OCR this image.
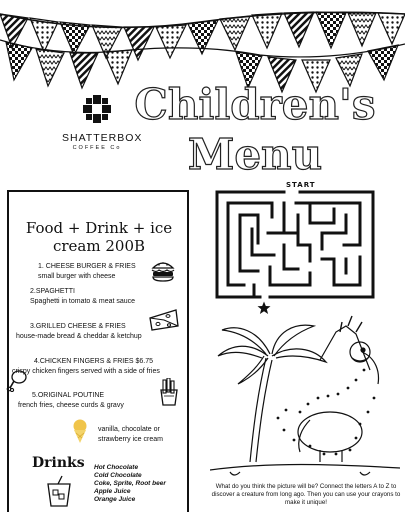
SHATTERBOX
COFFEE Co
Children's
Menu
Food + Drink + ice
cream 200B
1. CHEESE BURGER & FRIES
small burger with cheese
2.SPAGHETTI
Spaghetti in tomato & meat sauce
3.GRILLED CHEESE & FRIES
house-made bread & cheddar & ketchup
4.CHICKEN FINGERS & FRIES $6.75
crispy chicken fingers served with a side of fries
5.ORIGINAL POUTINE
french fries, cheese curds & gravy
vanilla, chocolate or strawberry ice cream
Drinks Hot Chocolate
Cold Chocolate
Coke, Sprite, Root beer
Apple Juice
Orange Juice
START
What do you think the picture will be? Connect the letters A to Z to discover a creature from long ago. Then you can use your crayons to make it unique!
